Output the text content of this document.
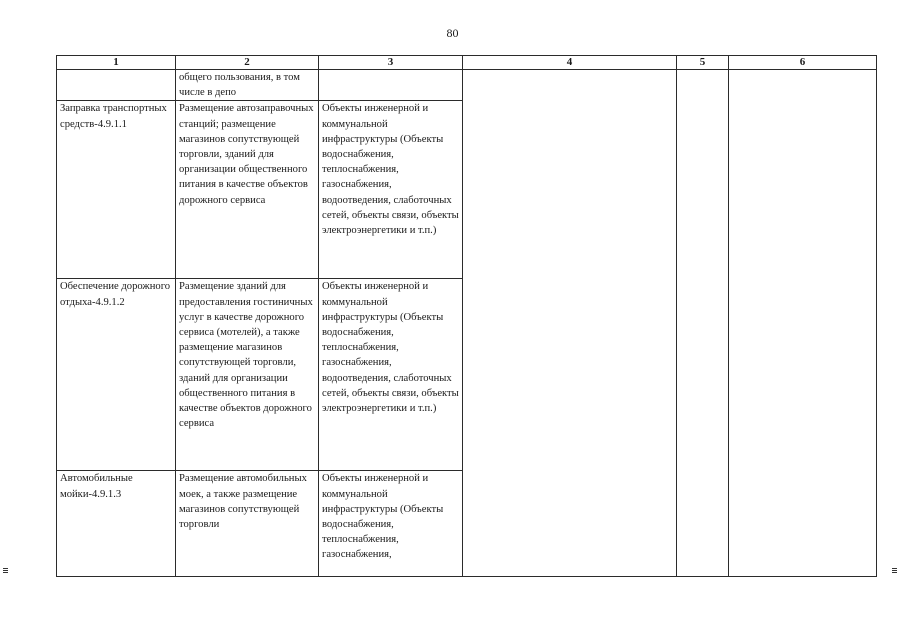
80
1	2	3	4	5	6

	общего пользования, в том числе в депо				

Заправка транспортных средств-4.9.1.1	Размещение автозаправочных станций; размещение магазинов сопутствующей торговли, зданий для организации общественного питания в качестве объектов дорожного сервиса	Объекты инженерной и коммунальной инфраструктуры (Объекты водоснабжения, теплоснабжения, газоснабжения, водоотведения, слаботочных сетей, объекты связи, объекты электроэнергетики и т.п.)			

Обеспечение дорожного отдыха-4.9.1.2	Размещение зданий для предоставления гостиничных услуг в качестве дорожного сервиса (мотелей), а также размещение магазинов сопутствующей торговли, зданий для организации общественного питания в качестве объектов дорожного сервиса	Объекты инженерной и коммунальной инфраструктуры (Объекты водоснабжения, теплоснабжения, газоснабжения, водоотведения, слаботочных сетей, объекты связи, объекты электроэнергетики и т.п.)			

Автомобильные мойки-4.9.1.3	Размещение автомобильных моек, а также размещение магазинов сопутствующей торговли	Объекты инженерной и коммунальной инфраструктуры (Объекты водоснабжения, теплоснабжения, газоснабжения,			
